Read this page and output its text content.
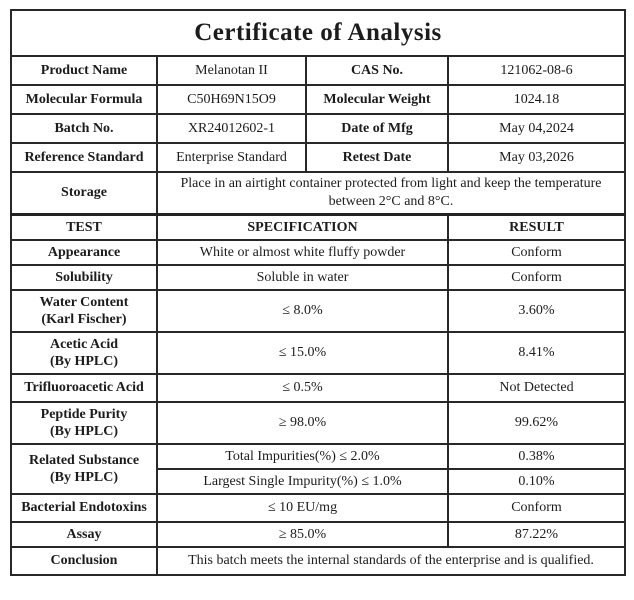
Certificate of Analysis			
Product Name	Melanotan II	CAS No.	121062-08-6
Molecular Formula	C50H69N15O9	Molecular Weight	1024.18
Batch No.	XR24012602-1	Date of Mfg	May 04,2024
Reference Standard	Enterprise Standard	Retest Date	May 03,2026
Storage	Place in an airtight container protected from light and keep the temperature between 2°C and 8°C.		
TEST	SPECIFICATION		RESULT
Appearance	White or almost white fluffy powder		Conform
Solubility	Soluble in water		Conform

Water Content
(Karl Fischer)	≤ 8.0%		3.60%

Acetic Acid
(By HPLC)	≤ 15.0%		8.41%
Trifluoroacetic Acid	≤ 0.5%		Not Detected

Peptide Purity
(By HPLC)	≥ 98.0%		99.62%

Related Substance
(By HPLC)	Total Impurities(%) ≤ 2.0%		0.38%
	Largest Single Impurity(%) ≤ 1.0%		0.10%
Bacterial Endotoxins	≤ 10 EU/mg		Conform
Assay	≥ 85.0%		87.22%
Conclusion	This batch meets the internal standards of the enterprise and is qualified.		
